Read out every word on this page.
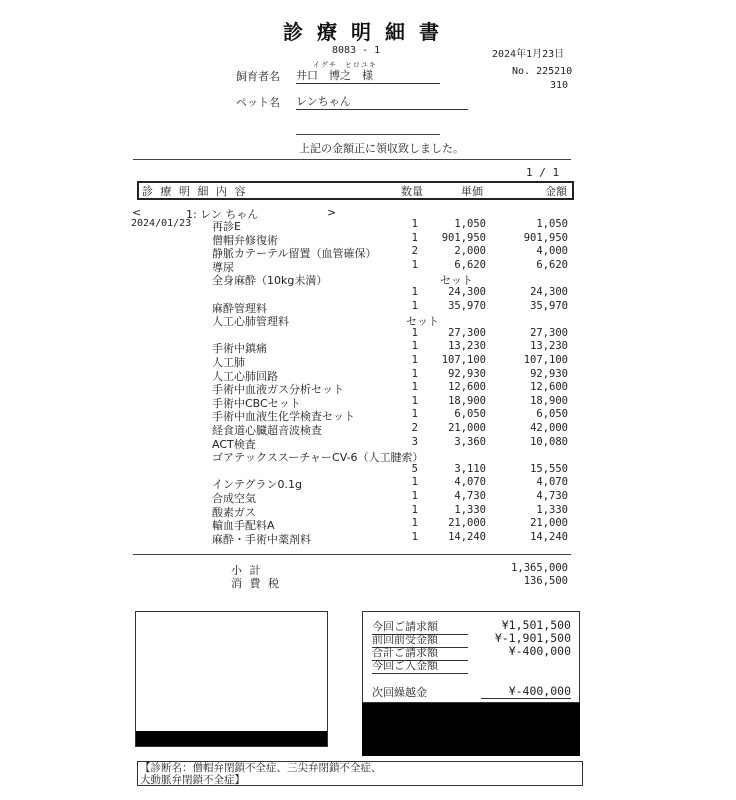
診療明細書
8083 - 1	2024年1月23日
イグチ　ヒロユキ
飼育者名 井口　博之　様	No. 225210
310
ペット名 レンちゃん
上記の金額正に領収致しました。
1 / 1
診 療 明 細 内 容	数量	単価	金額
<	1: レン ちゃん	>
2024/01/23 再診E	1	1,050	1,050
僧帽弁修復術	1 901,950	901,950
静脈カテーテル留置（血管確保）	2	2,000	4,000
導尿	1	6,620	6,620
全身麻酔（10kg未満）	セット
1	24,300	24,300
麻酔管理料	1	35,970	35,970
人工心肺管理料	セット
1	27,300	27,300
手術中鎮痛	1	13,230	13,230
人工肺	1 107,100	107,100
人工心肺回路	1	92,930	92,930
手術中血液ガス分析セット	1	12,600	12,600
手術中CBCセット	1	18,900	18,900
手術中血液生化学検査セット	1	6,050	6,050
経食道心臓超音波検査	2	21,000	42,000
ACT検査	3	3,360	10,080
ゴアテックススーチャーCV-6（人工腱索）
5	3,110	15,550
インテグラン0.1g	1	4,070	4,070
合成空気	1	4,730	4,730
酸素ガス	1	1,330	1,330
輸血手配料A	1	21,000	21,000
麻酔・手術中薬剤料	1	14,240	14,240
小 計	1,365,000
消 費 税	136,500
今回ご請求額	¥1,501,500
前回前受金額	¥-1,901,500
合計ご請求額	¥-400,000
今回ご入金額
次回繰越金	¥-400,000
【診断名：僧帽弁閉鎖不全症、三尖弁閉鎖不全症、
大動脈弁閉鎖不全症】
